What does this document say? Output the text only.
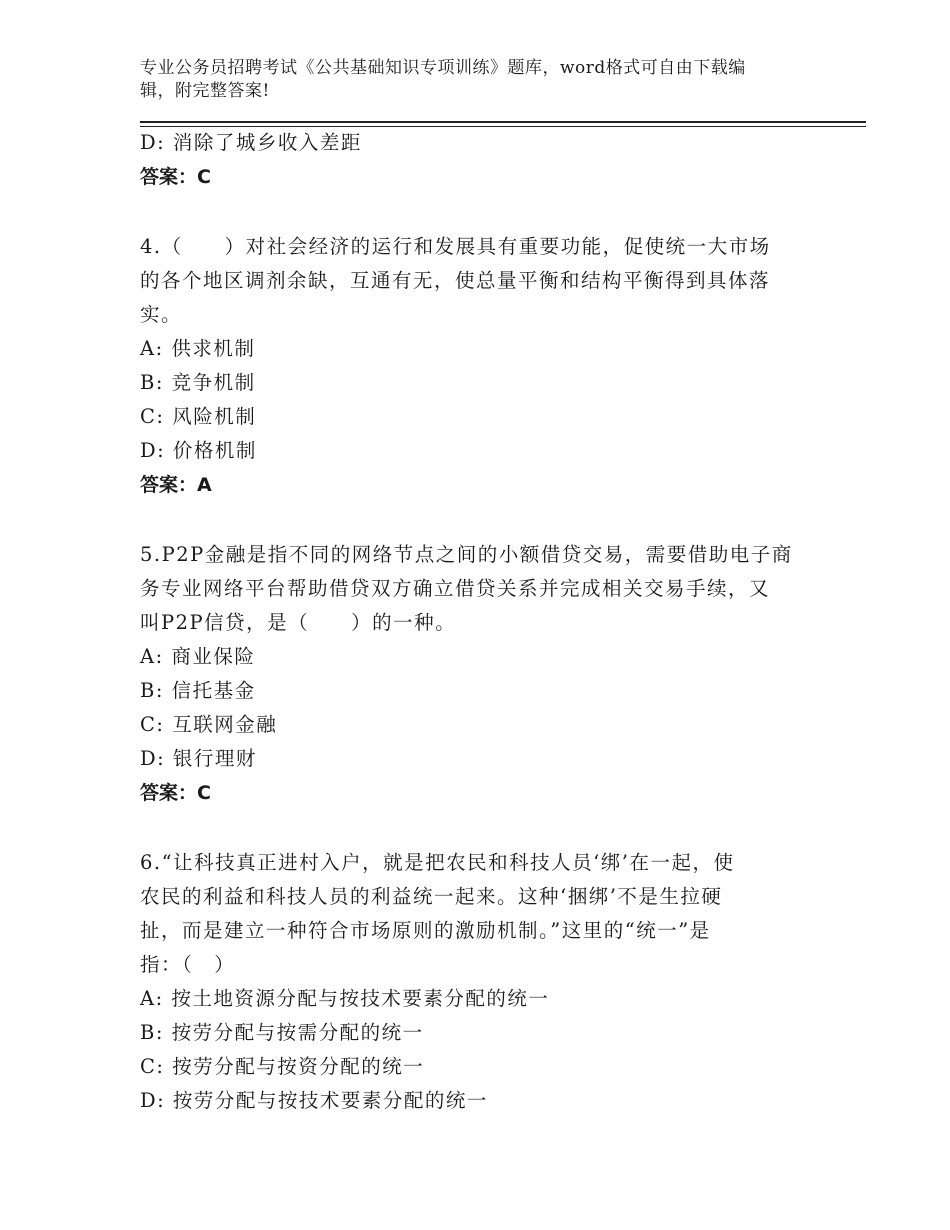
专业公务员招聘考试《公共基础知识专项训练》题库，word格式可自由下载编
辑，附完整答案!
D: 消除了城乡收入差距
答案：C
4.（　　）对社会经济的运行和发展具有重要功能，促使统一大市场
的各个地区调剂余缺，互通有无，使总量平衡和结构平衡得到具体落
实。
A: 供求机制
B: 竞争机制
C: 风险机制
D: 价格机制
答案：A
5.P2P金融是指不同的网络节点之间的小额借贷交易，需要借助电子商
务专业网络平台帮助借贷双方确立借贷关系并完成相关交易手续，又
叫P2P信贷，是（　　）的一种。
A: 商业保险
B: 信托基金
C: 互联网金融
D: 银行理财
答案：C
6.“让科技真正进村入户，就是把农民和科技人员‘绑’在一起，使
农民的利益和科技人员的利益统一起来。这种‘捆绑’不是生拉硬
扯，而是建立一种符合市场原则的激励机制。”这里的“统一”是
指：（　）
A: 按土地资源分配与按技术要素分配的统一
B: 按劳分配与按需分配的统一
C: 按劳分配与按资分配的统一
D: 按劳分配与按技术要素分配的统一
